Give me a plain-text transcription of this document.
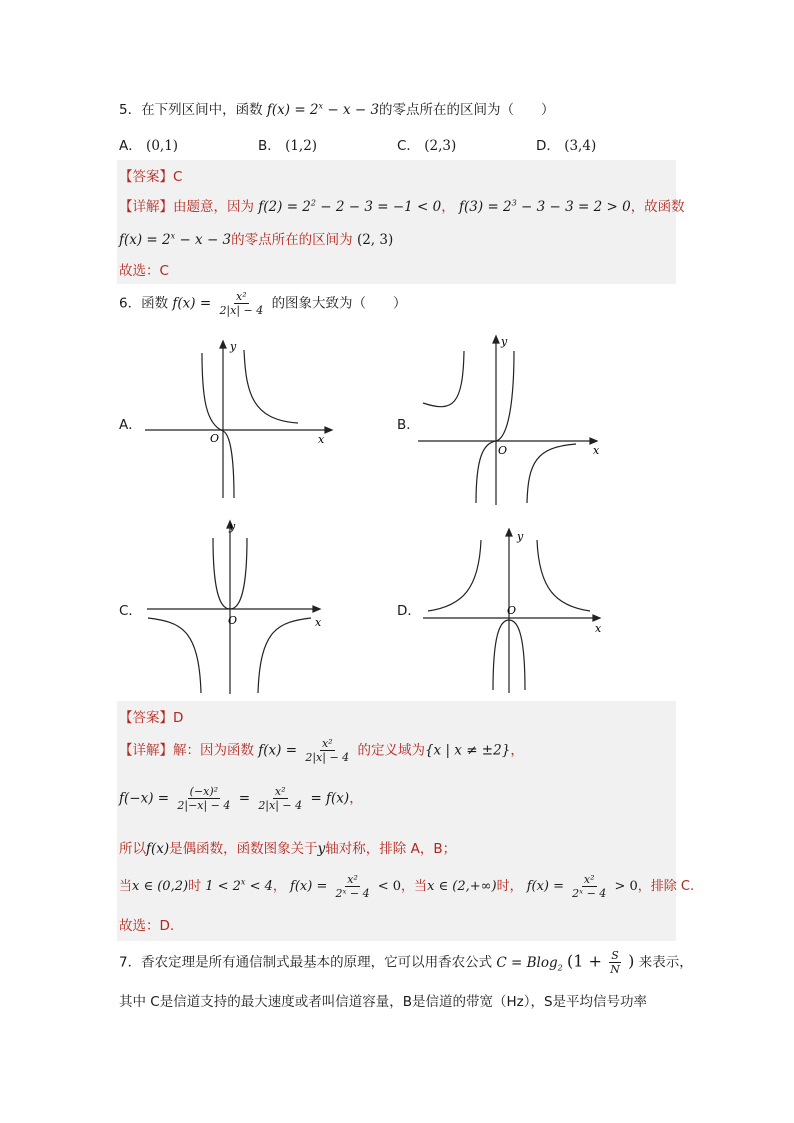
5．在下列区间中，函数 $f(x) = 2^x - x - 3$的零点所在的区间为（　　）
A． (0,1)	B． (1,2)	C． (2,3)	D． (3,4)
【答案】C
【详解】由题意，因为 $f(2) = 2^2 - 2 - 3 = -1 < 0$， $f(3) = 2^3 - 3 - 3 = 2 > 0$，故函数
$f(x) = 2^x - x - 3$的零点所在的区间为 (2, 3)
故选：C
6．函数 $f(x) = \frac{\text{x²}}{2|x| - 4}$ 的图象大致为（　　）
A．
y
x
O
B．
y
x
O
C．
y
x
O
D．
y
x
O
【答案】D
【详解】解：因为函数 $f(x) = \frac{\text{x²}}{2|x| - 4}$ 的定义域为{x | x ≠ ±2}，
$f(-x) = \frac{\text{(−x)²}}{2|-x| - 4} = \frac{\text{x²}}{2|x| - 4} = f(x)$，
所以f(x)是偶函数，函数图象关于y轴对称，排除 A，B；
当x ∈ (0,2)时 $1 < 2^x < 4$， $f(x) = \frac{\text{x²}}{\text{2ˣ − 4}} < 0$，当x ∈ (2,+∞)时， $f(x) = \frac{\text{x²}}{\text{2ˣ − 4}} > 0$，排除 C.
故选：D.
7．香农定理是所有通信制式最基本的原理，它可以用香农公式 C = Blog$_2$ ($1 + \frac{S}{N}$ ) 来表示，
其中 C是信道支持的最大速度或者叫信道容量，B是信道的带宽（Hz），S是平均信号功率
